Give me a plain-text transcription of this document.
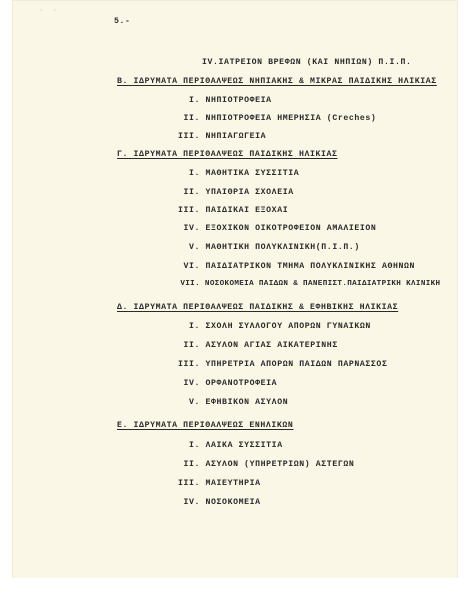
˙ ˙
5.-
IV.ΙΑΤΡΕΙΟΝ ΒΡΕΦΩΝ (ΚΑΙ ΝΗΠΙΩΝ) Π.Ι.Π.
Β. ΙΔΡΥΜΑΤΑ ΠΕΡΙΘΑΛΨΕΩΣ ΝΗΠΙΑΚΗΣ & ΜΙΚΡΑΣ ΠΑΙΔΙΚΗΣ ΗΛΙΚΙΑΣ
I. ΝΗΠΙΟΤΡΟΦΕΙΑ
II. ΝΗΠΙΟΤΡΟΦΕΙΑ ΗΜΕΡΗΣΙΑ (Creches)
III. ΝΗΠΙΑΓΩΓΕΙΑ
Γ. ΙΔΡΥΜΑΤΑ ΠΕΡΙΘΑΛΨΕΩΣ ΠΑΙΔΙΚΗΣ ΗΛΙΚΙΑΣ
I. ΜΑΘΗΤΙΚΑ ΣΥΣΣΙΤΙΑ
II. ΥΠΑΙΘΡΙΑ ΣΧΟΛΕΙΑ
III. ΠΑΙΔΙΚΑΙ ΕΞΟΧΑΙ
IV. ΕΞΟΧΙΚΟΝ ΟΙΚΟΤΡΟΦΕΙΟΝ ΑΜΑΛΙΕΙΟΝ
V. ΜΑΘΗΤΙΚΗ ΠΟΛΥΚΛΙΝΙΚΗ(Π.Ι.Π.)
VI. ΠΑΙΔΙΑΤΡΙΚΟΝ ΤΜΗΜΑ ΠΟΛΥΚΛΙΝΙΚΗΣ ΑΘΗΝΩΝ
VII. ΝΟΣΟΚΟΜΕΙΑ ΠΑΙΔΩΝ & ΠΑΝΕΠΙΣΤ.ΠΑΙΔΙΑΤΡΙΚΗ ΚΛΙΝΙΚΗ
Δ. ΙΔΡΥΜΑΤΑ ΠΕΡΙΘΑΛΨΕΩΣ ΠΑΙΔΙΚΗΣ & ΕΦΗΒΙΚΗΣ ΗΛΙΚΙΑΣ
I. ΣΧΟΛΗ ΣΥΛΛΟΓΟΥ ΑΠΟΡΩΝ ΓΥΝΑΙΚΩΝ
II. ΑΣΥΛΟΝ ΑΓΙΑΣ ΑΙΚΑΤΕΡΙΝΗΣ
III. ΥΠΗΡΕΤΡΙΑ ΑΠΟΡΩΝ ΠΑΙΔΩΝ ΠΑΡΝΑΣΣΟΣ
IV. ΟΡΦΑΝΟΤΡΟΦΕΙΑ
V. ΕΦΗΒΙΚΟΝ ΑΣΥΛΟΝ
Ε. ΙΔΡΥΜΑΤΑ ΠΕΡΙΘΑΛΨΕΩΣ ΕΝΗΛΙΚΩΝ
I. ΛΑΙΚΑ ΣΥΣΣΙΤΙΑ
II. ΑΣΥΛΟΝ (ΥΠΗΡΕΤΡΙΩΝ) ΑΣΤΕΓΩΝ
III. ΜΑΙΕΥΤΗΡΙΑ
IV. ΝΟΣΟΚΟΜΕΙΑ
